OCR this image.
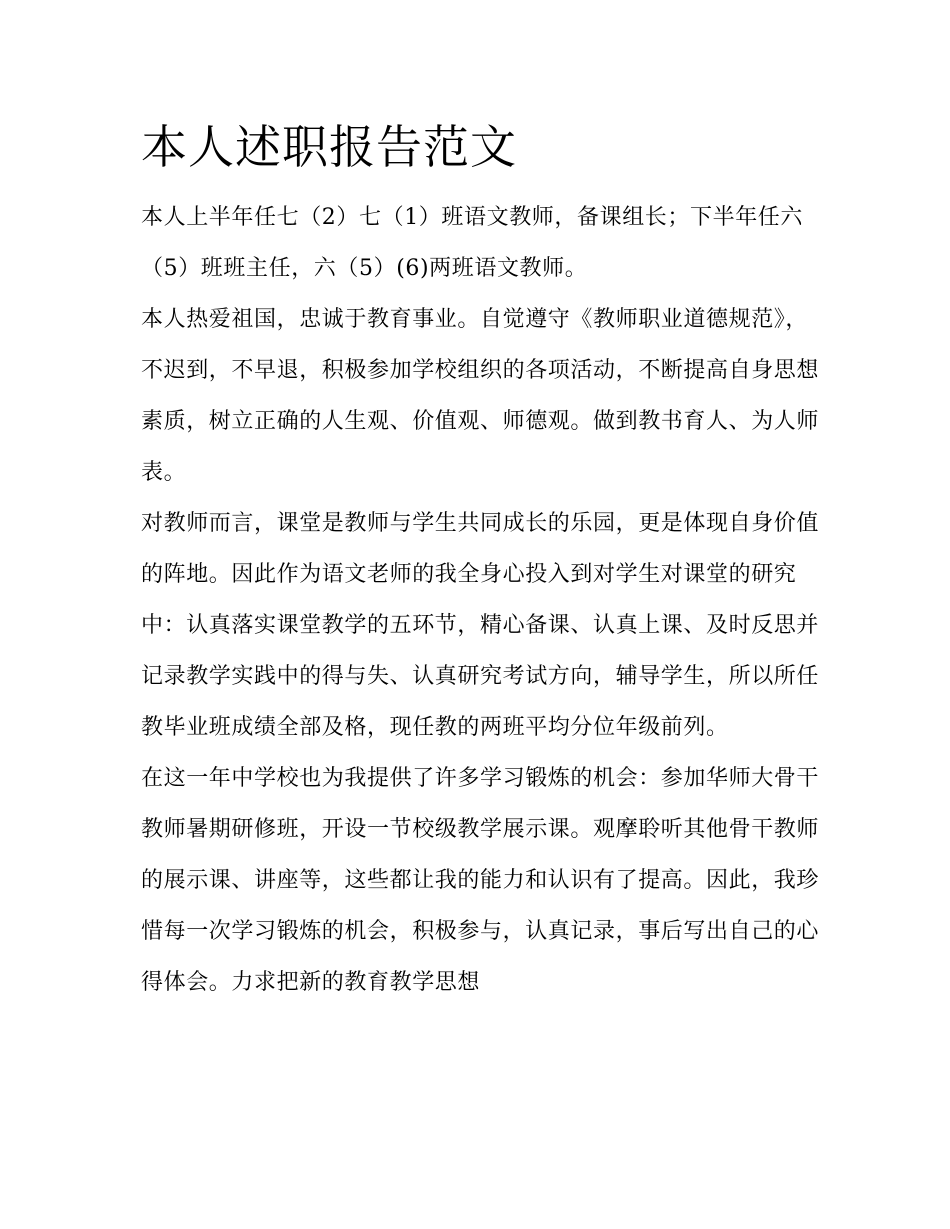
本人述职报告范文

本人上半年任七（2）七（1）班语文教师，备课组长；下半年任六（5）班班主任，六（5）(6)两班语文教师。

本人热爱祖国，忠诚于教育事业。自觉遵守《教师职业道德规范》，

不迟到，不早退，积极参加学校组织的各项活动，不断提高自身思想素质，树立正确的人生观、价值观、师德观。做到教书育人、为人师表。

对教师而言，课堂是教师与学生共同成长的乐园，更是体现自身价值的阵地。因此作为语文老师的我全身心投入到对学生对课堂的研究中：认真落实课堂教学的五环节，精心备课、认真上课、及时反思并记录教学实践中的得与失、认真研究考试方向，辅导学生，所以所任教毕业班成绩全部及格，现任教的两班平均分位年级前列。

在这一年中学校也为我提供了许多学习锻炼的机会：参加华师大骨干教师暑期研修班，开设一节校级教学展示课。观摩聆听其他骨干教师的展示课、讲座等，这些都让我的能力和认识有了提高。因此，我珍惜每一次学习锻炼的机会，积极参与，认真记录，事后写出自己的心得体会。力求把新的教育教学思想
